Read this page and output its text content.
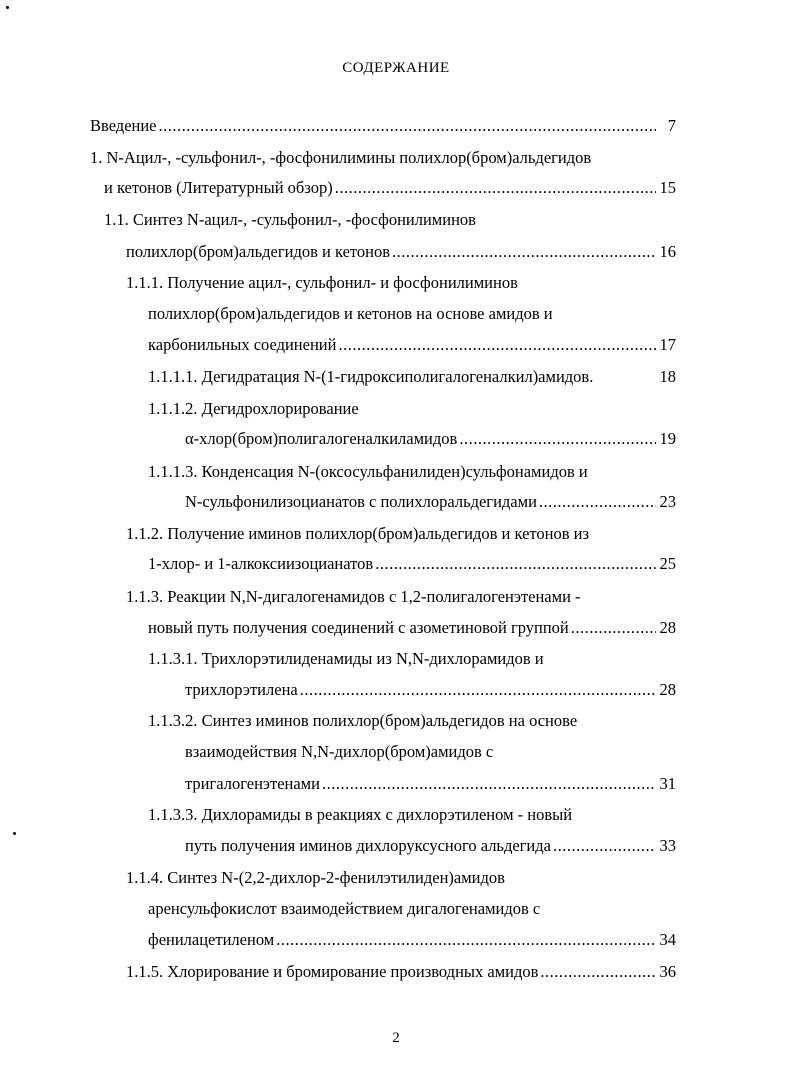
СОДЕРЖАНИЕ
Введение .....	7
1. N-Ацил-, -сульфонил-, -фосфонилимины полихлор(бром)альдегидов
и кетонов (Литературный обзор) .....	15
1.1. Синтез N-ацил-, -сульфонил-, -фосфонилиминов
полихлор(бром)альдегидов и кетонов .....	16
1.1.1. Получение ацил-, сульфонил- и фосфонилиминов
полихлор(бром)альдегидов и кетонов на основе амидов и
карбонильных соединений .....	17
1.1.1.1. Дегидратация N-(1-гидроксиполигалогеналкил)амидов.	18
1.1.1.2. Дегидрохлорирование
α-хлор(бром)полигалогеналкиламидов .....	19
1.1.1.3. Конденсация N-(оксосульфанилиден)сульфонамидов и
N-сульфонилизоцианатов с полихлоральдегидами .....	23
1.1.2. Получение иминов полихлор(бром)альдегидов и кетонов из
1-хлор- и 1-алкоксиизоцианатов .....	25
1.1.3. Реакции N,N-дигалогенамидов с 1,2-полигалогенэтенами -
новый путь получения соединений с азометиновой группой .....	28
1.1.3.1. Трихлорэтилиденамиды из N,N-дихлорамидов и
трихлорэтилена .....	28
1.1.3.2. Синтез иминов полихлор(бром)альдегидов на основе
взаимодействия N,N-дихлор(бром)амидов с
тригалогенэтенами .....	31
1.1.3.3. Дихлорамиды в реакциях с дихлорэтиленом - новый
путь получения иминов дихлоруксусного альдегида .....	33
1.1.4. Синтез N-(2,2-дихлор-2-фенилэтилиден)амидов
аренсульфокислот взаимодействием дигалогенамидов с
фенилацетиленом .....	34
1.1.5. Хлорирование и бромирование производных амидов .....	36
2
